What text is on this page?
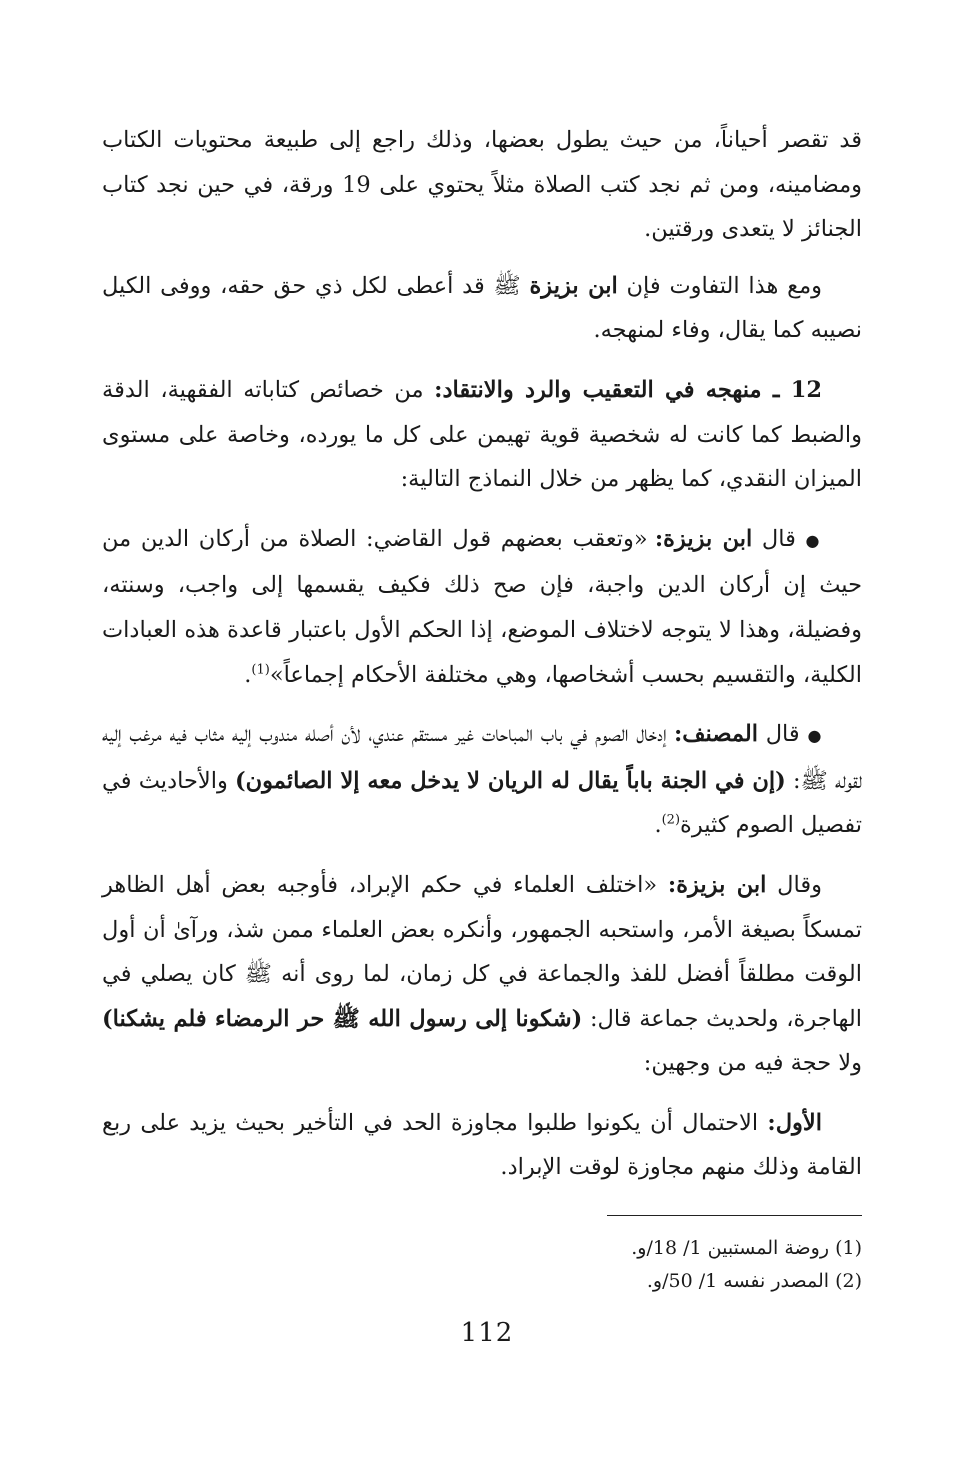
قد تقصر أحياناً، من حيث يطول بعضها، وذلك راجع إلى طبيعة محتويات الكتاب ومضامينه، ومن ثم نجد كتب الصلاة مثلاً يحتوي على 19 ورقة، في حين نجد كتاب الجنائز لا يتعدى ورقتين.

ومع هذا التفاوت فإن ابن بزيزة ﷺ قد أعطى لكل ذي حق حقه، ووفى الكيل نصيبه كما يقال، وفاء لمنهجه.

12 ـ منهجه في التعقيب والرد والانتقاد: من خصائص كتاباته الفقهية، الدقة والضبط كما كانت له شخصية قوية تهيمن على كل ما يورده، وخاصة على مستوى الميزان النقدي، كما يظهر من خلال النماذج التالية:

● قال ابن بزيزة: «وتعقب بعضهم قول القاضي: الصلاة من أركان الدين من حيث إن أركان الدين واجبة، فإن صح ذلك فكيف يقسمها إلى واجب، وسنته، وفضيلة، وهذا لا يتوجه لاختلاف الموضع، إذا الحكم الأول باعتبار قاعدة هذه العبادات الكلية، والتقسيم بحسب أشخاصها، وهي مختلفة الأحكام إجماعاً»$^{(1)}$.

● قال المصنف: إدخال الصوم في باب المباحات غير مستقم عندي، لأن أصله مندوب إليه مثاب فيه مرغب إليه لقوله ﷺ: (إن في الجنة باباً يقال له الريان لا يدخل معه إلا الصائمون) والأحاديث في تفصيل الصوم كثيرة$^{(2)}$.

وقال ابن بزيزة: «اختلف العلماء في حكم الإبراد، فأوجبه بعض أهل الظاهر تمسكاً بصيغة الأمر، واستحبه الجمهور، وأنكره بعض العلماء ممن شذ، ورآىٰ أن أول الوقت مطلقاً أفضل للفذ والجماعة في كل زمان، لما روى أنه ﷺ كان يصلي في الهاجرة، ولحديث جماعة قال: (شكونا إلى رسول الله ﷺ حر الرمضاء فلم يشكنا) ولا حجة فيه من وجهين:

الأول: الاحتمال أن يكونوا طلبوا مجاوزة الحد في التأخير بحيث يزيد على ربع القامة وذلك منهم مجاوزة لوقت الإبراد.

(1) روضة المستبين 1/ 18/و.

(2) المصدر نفسه 1/ 50/و.

112
